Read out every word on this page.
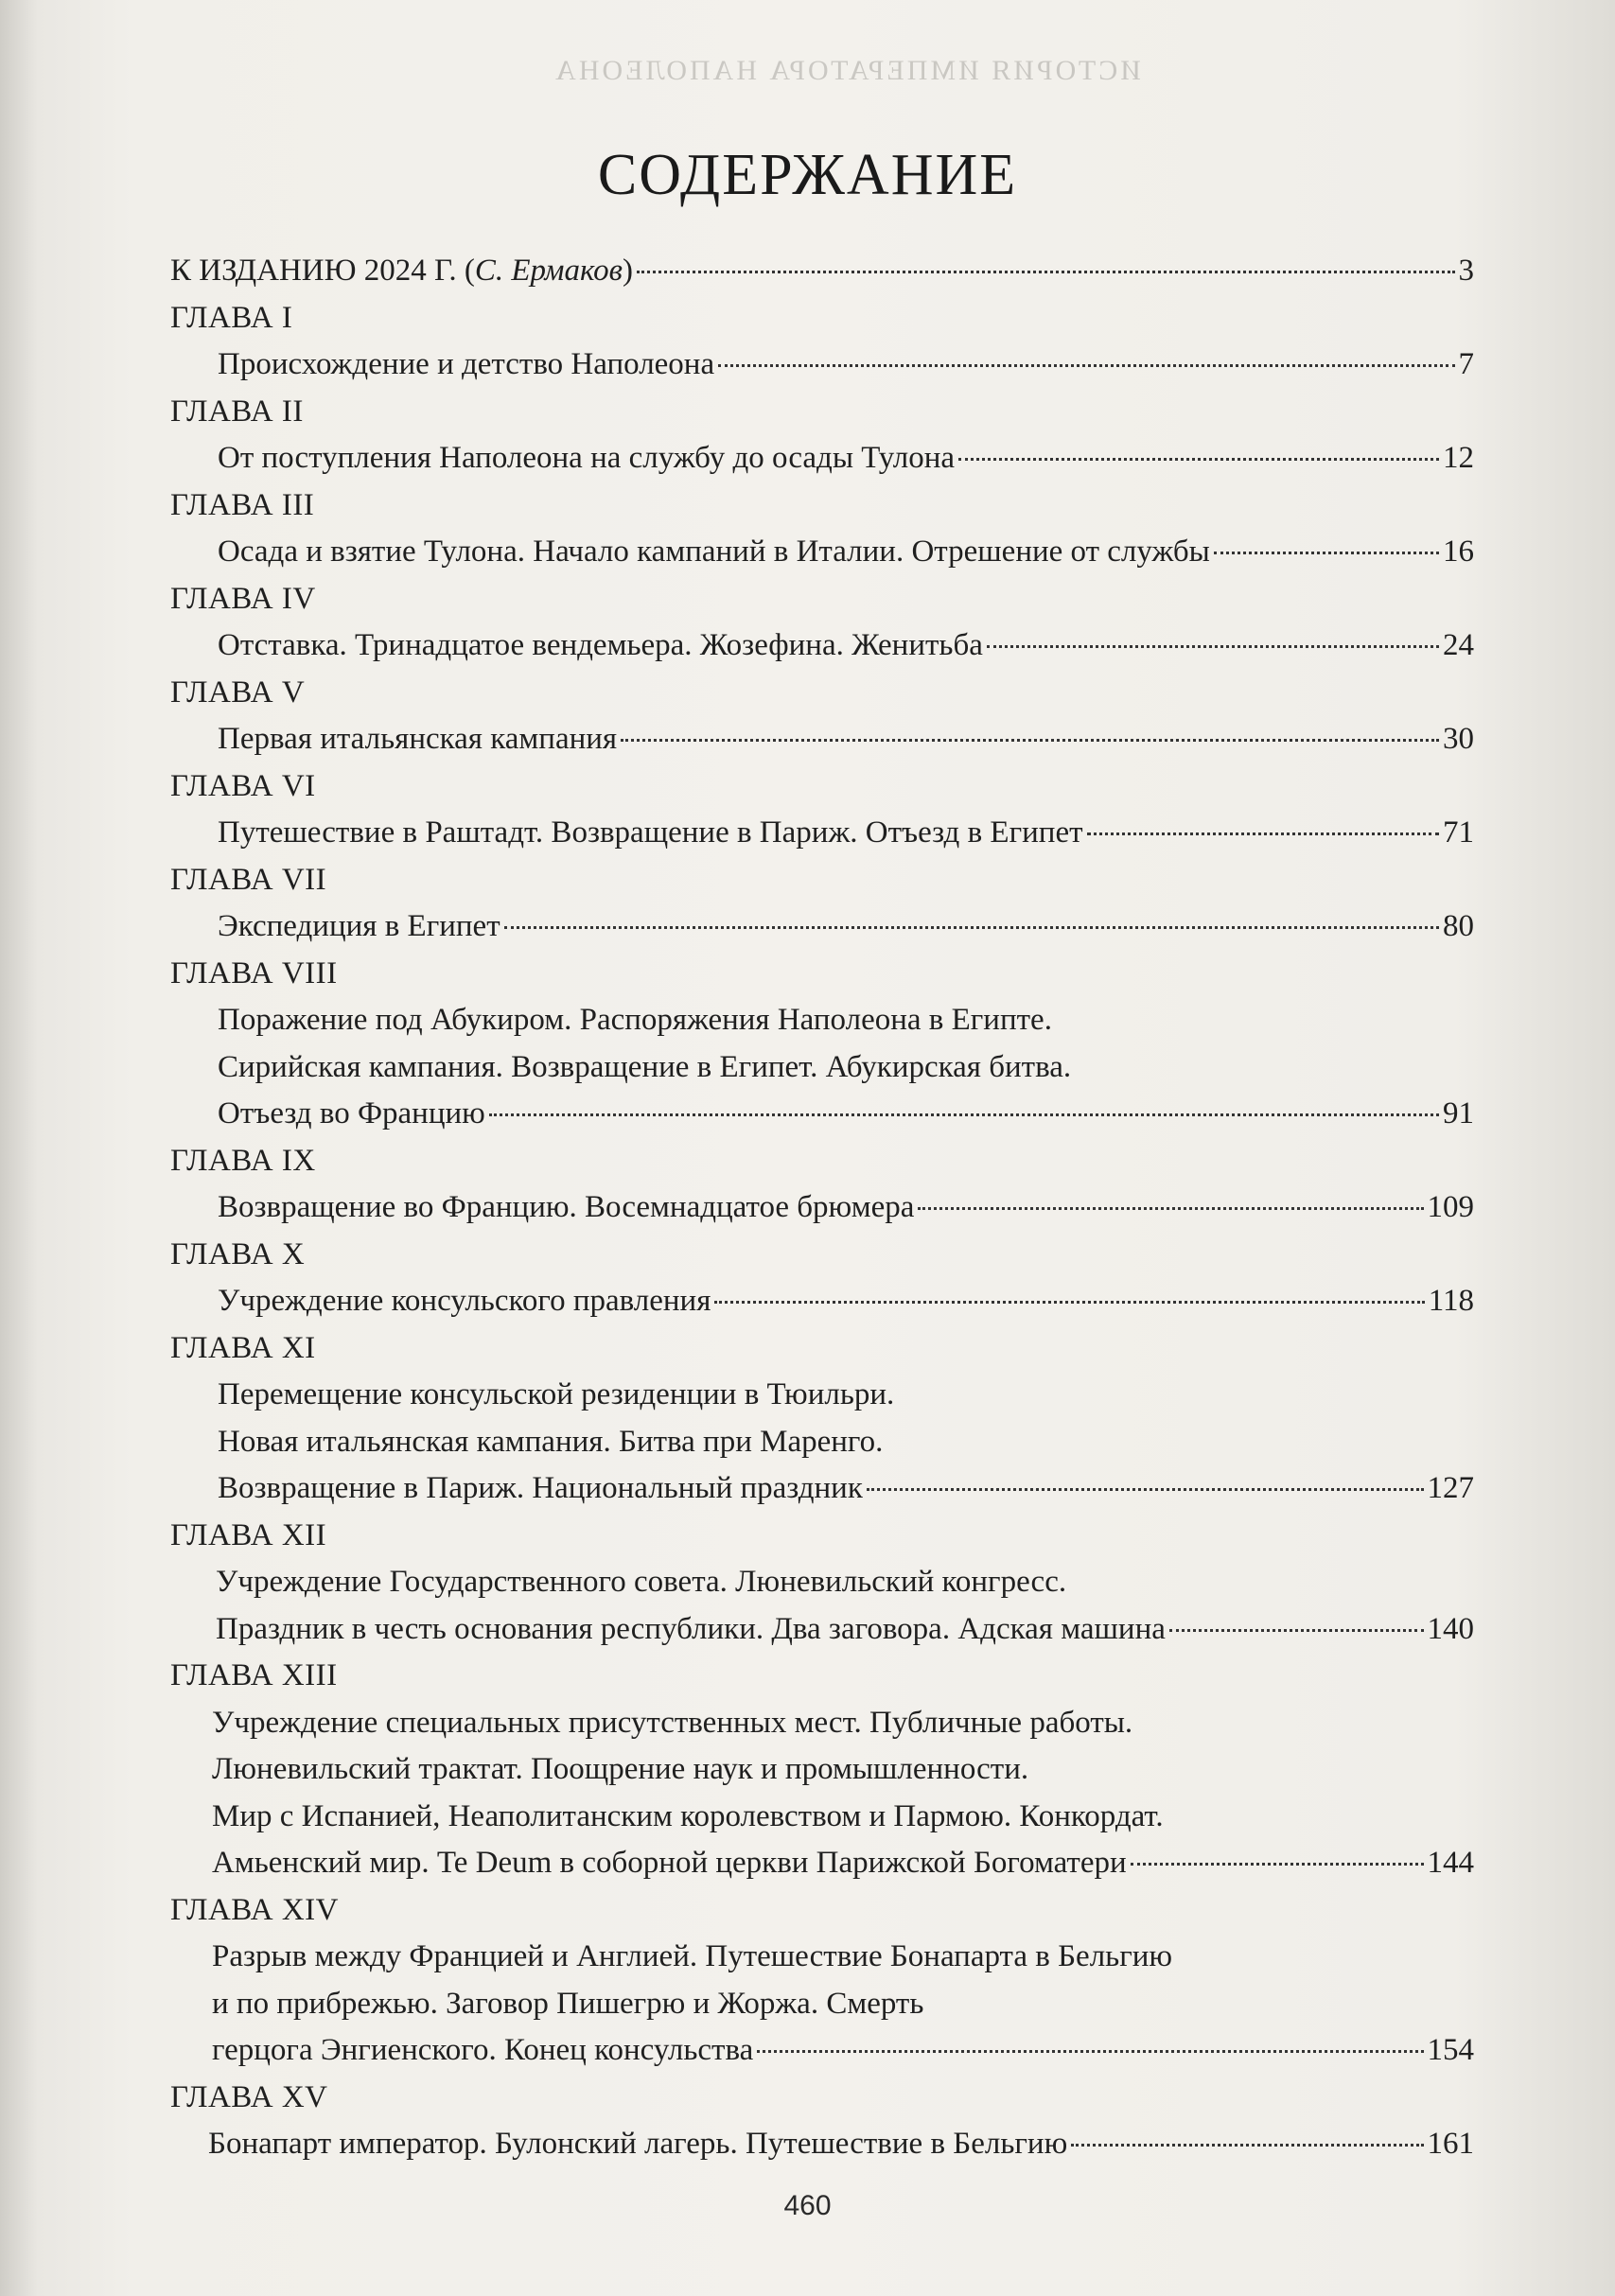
ИСТОРИЯ ИМПЕРАТОРА НАПОЛЕОНА
СОДЕРЖАНИЕ
К ИЗДАНИЮ 2024 Г. (С. Ермаков)	3
ГЛАВА I
Происхождение и детство Наполеона	7
ГЛАВА II
От поступления Наполеона на службу до осады Тулона	12
ГЛАВА III
Осада и взятие Тулона. Начало кампаний в Италии. Отрешение от службы	16
ГЛАВА IV
Отставка. Тринадцатое вендемьера. Жозефина. Женитьба	24
ГЛАВА V
Первая итальянская кампания	30
ГЛАВА VI
Путешествие в Раштадт. Возвращение в Париж. Отъезд в Египет	71
ГЛАВА VII
Экспедиция в Египет	80
ГЛАВА VIII
Поражение под Абукиром. Распоряжения Наполеона в Египте.
Сирийская кампания. Возвращение в Египет. Абукирская битва.
Отъезд во Францию	91
ГЛАВА IX
Возвращение во Францию. Восемнадцатое брюмера	109
ГЛАВА X
Учреждение консульского правления	118
ГЛАВА XI
Перемещение консульской резиденции в Тюильри.
Новая итальянская кампания. Битва при Маренго.
Возвращение в Париж. Национальный праздник	127
ГЛАВА XII
Учреждение Государственного совета. Люневильский конгресс.
Праздник в честь основания республики. Два заговора. Адская машина	140
ГЛАВА XIII
Учреждение специальных присутственных мест. Публичные работы.
Люневильский трактат. Поощрение наук и промышленности.
Мир с Испанией, Неаполитанским королевством и Пармою. Конкордат.
Амьенский мир. Te Deum в соборной церкви Парижской Богоматери	144
ГЛАВА XIV
Разрыв между Францией и Англией. Путешествие Бонапарта в Бельгию
и по прибрежью. Заговор Пишегрю и Жоржа. Смерть
герцога Энгиенского. Конец консульства	154
ГЛАВА XV
Бонапарт император. Булонский лагерь. Путешествие в Бельгию	161
460
